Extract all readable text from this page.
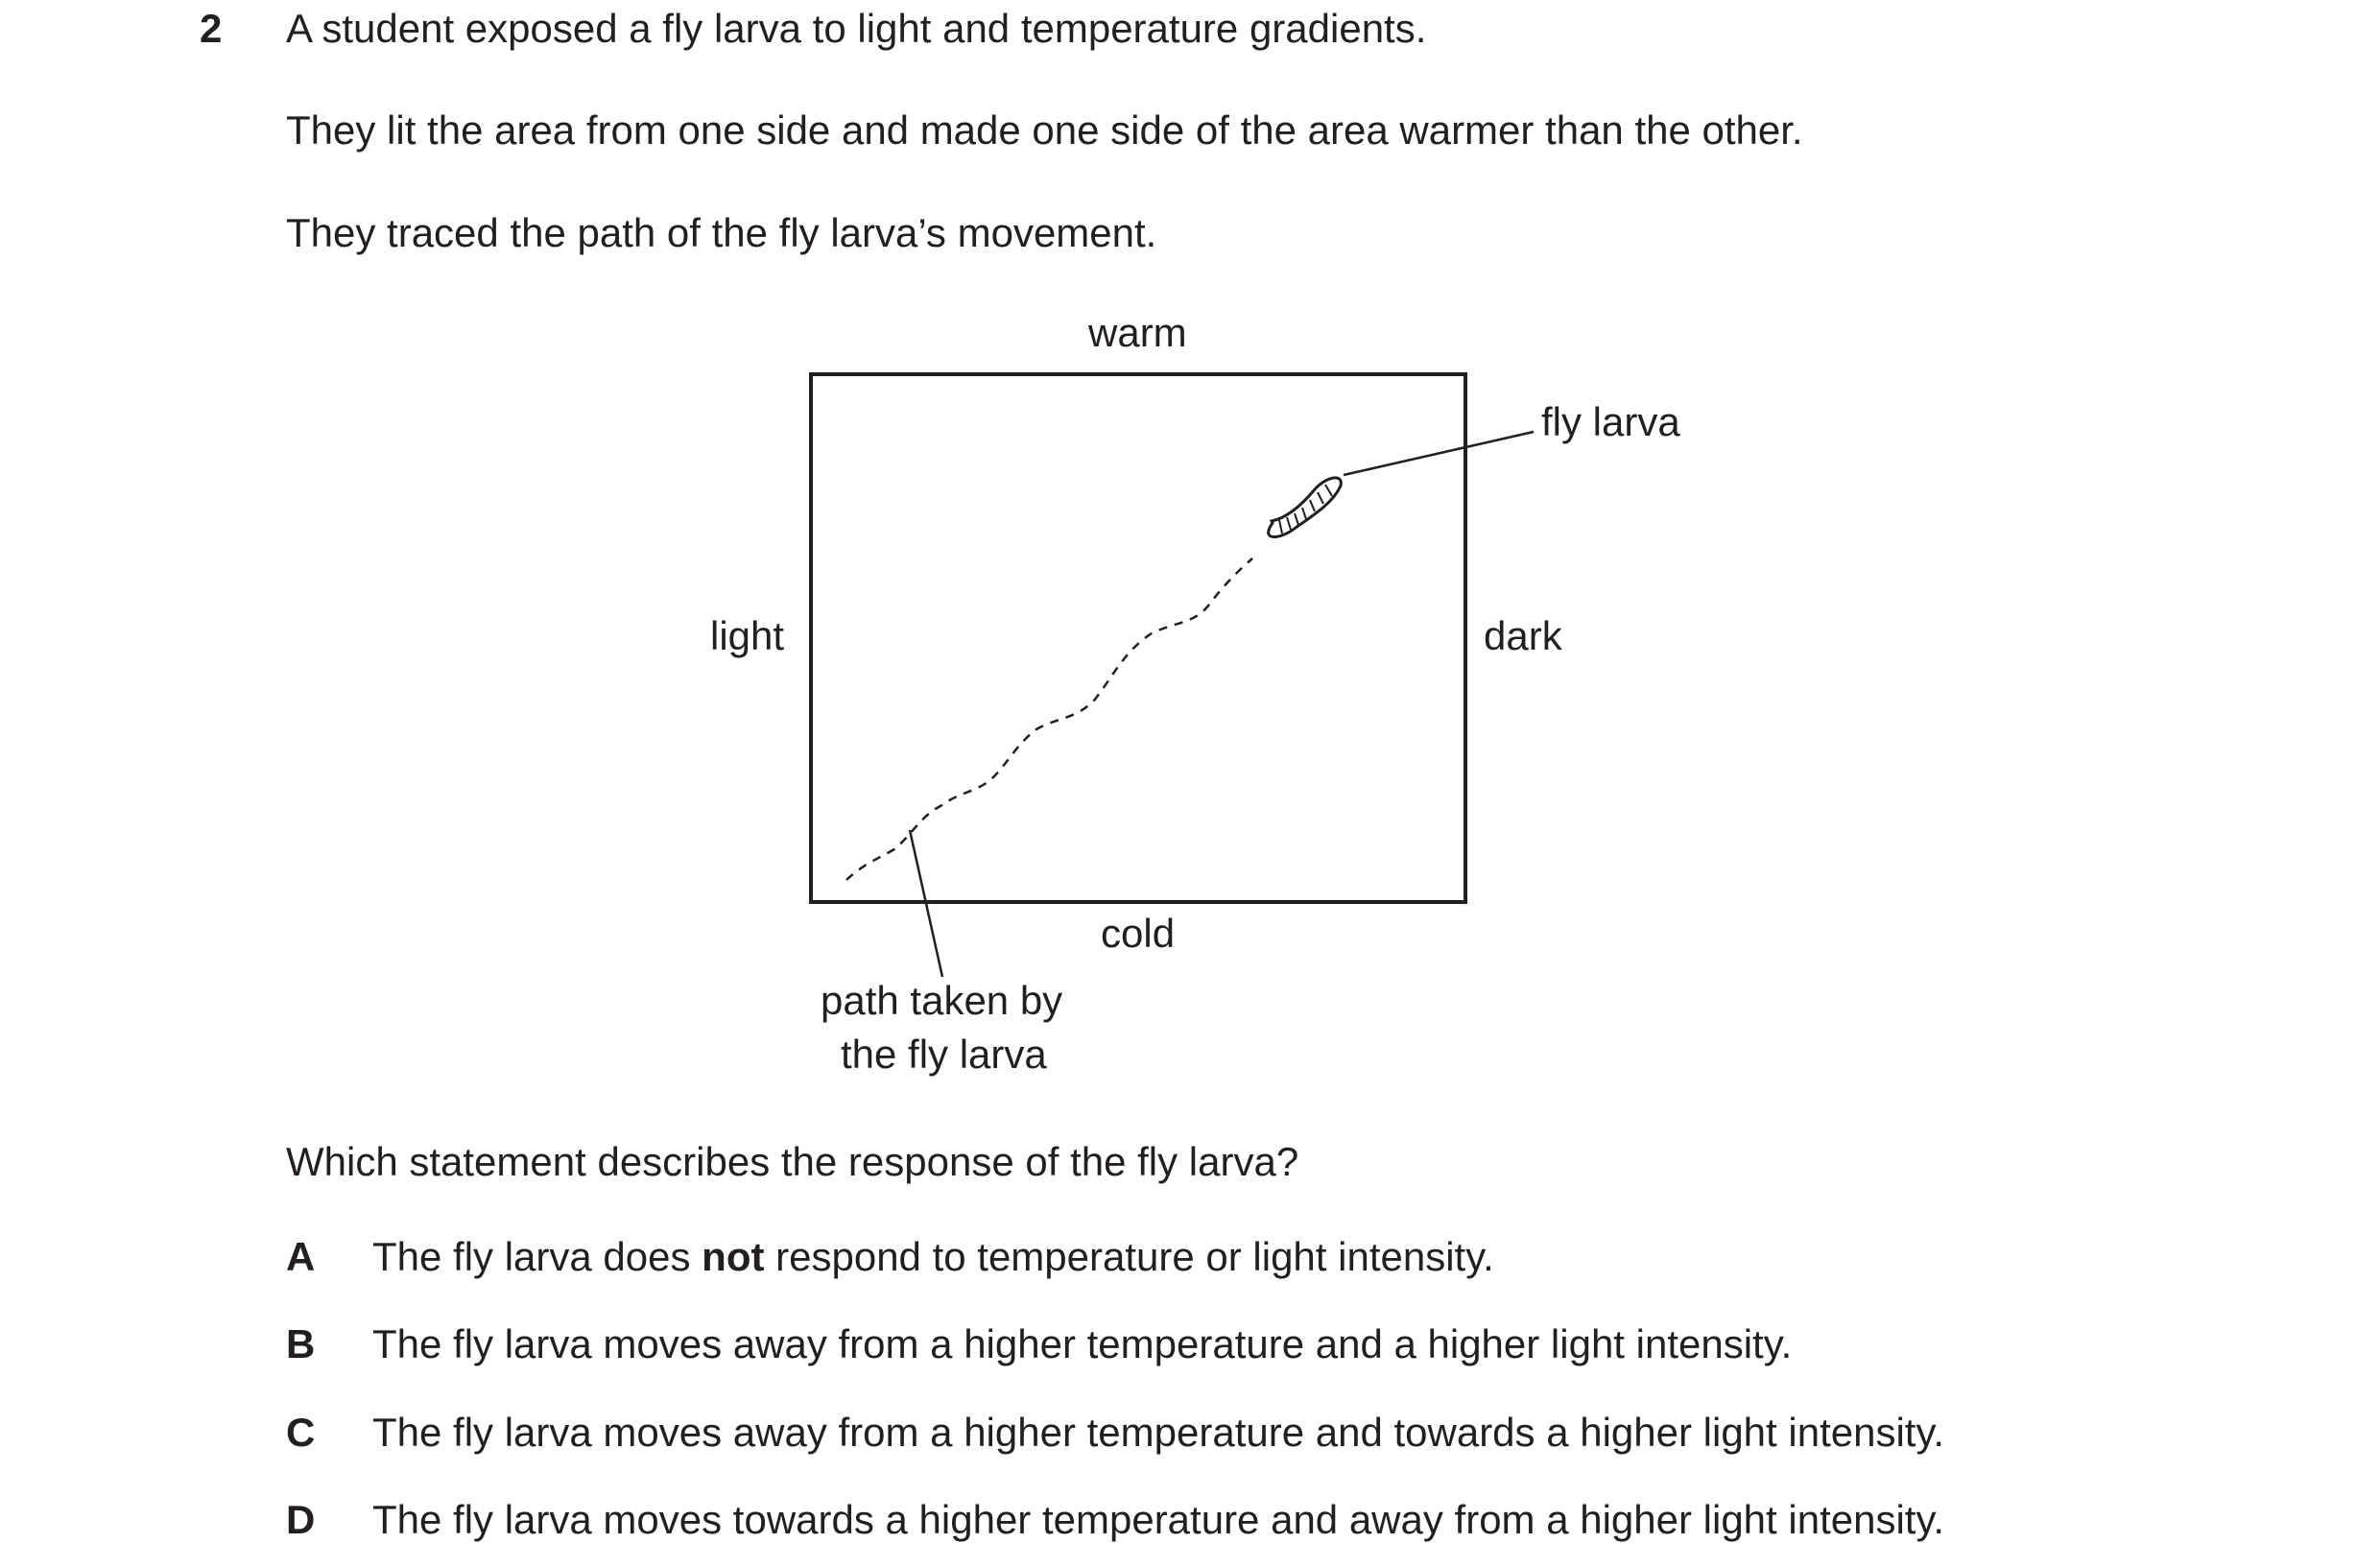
2 A student exposed a fly larva to light and temperature gradients.
They lit the area from one side and made one side of the area warmer than the other.
They traced the path of the fly larva’s movement.
warm
cold
light	dark
fly larva
path taken by
the fly larva
Which statement describes the response of the fly larva?
A The fly larva does not respond to temperature or light intensity.
B The fly larva moves away from a higher temperature and a higher light intensity.
C The fly larva moves away from a higher temperature and towards a higher light intensity.
D The fly larva moves towards a higher temperature and away from a higher light intensity.
